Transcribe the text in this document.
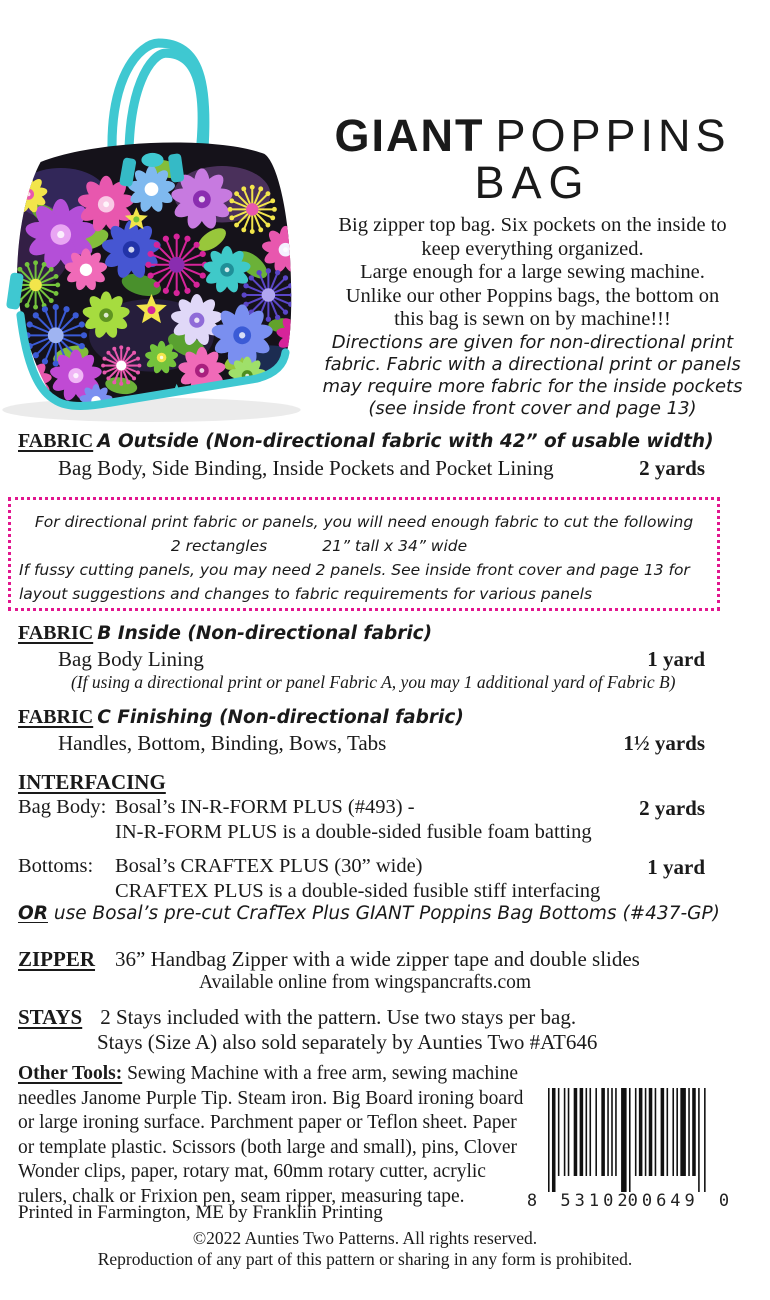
GIANT  POPPINS
BAG
Big zipper top bag. Six pockets on the inside to
keep everything organized.
Large enough for a large sewing machine.
Unlike our other Poppins bags, the bottom on
this bag is sewn on by machine!!!
Directions are given for non-directional print
fabric. Fabric with a directional print or panels
may require more fabric for the inside pockets
(see inside front cover and page 13)
FABRIC A Outside (Non-directional fabric with 42” of usable width)
Bag Body, Side Binding, Inside Pockets and Pocket Lining	2 yards
For directional print fabric or panels, you will need enough fabric to cut the following
2 rectangles	21” tall x 34” wide
If fussy cutting panels, you may need 2 panels. See inside front cover and page 13 for
layout suggestions and changes to fabric requirements for various panels
FABRIC B Inside (Non-directional fabric)
Bag Body Lining	1 yard
(If using a directional print or panel Fabric A, you may 1 additional yard of Fabric B)
FABRIC C Finishing (Non-directional fabric)
Handles, Bottom, Binding, Bows, Tabs	1½ yards
INTERFACING
Bag Body: Bosal’s IN-R-FORM PLUS (#493) -	2 yards
IN-R-FORM PLUS is a double-sided fusible foam batting
Bottoms: Bosal’s CRAFTEX PLUS (30” wide)	1 yard
CRAFTEX PLUS is a double-sided fusible stiff interfacing
OR use Bosal’s pre-cut CrafTex Plus GIANT Poppins Bag Bottoms (#437-GP)
ZIPPER 36” Handbag Zipper with a wide zipper tape and double slides
Available online from wingspancrafts.com
STAYS 2 Stays included with the pattern. Use two stays per bag.
Stays (Size A) also sold separately by Aunties Two #AT646
Other Tools: Sewing Machine with a free arm, sewing machine needles Janome Purple Tip. Steam iron. Big Board ironing board or large ironing surface. Parchment paper or Teflon sheet. Paper or template plastic. Scissors (both large and small), pins, Clover Wonder clips, paper, rotary mat, 60mm rotary cutter, acrylic rulers, chalk or Frixion pen, seam ripper, measuring tape.	8 53102
00649 0
Printed in Farmington, ME by Franklin Printing
©2022 Aunties Two Patterns. All rights reserved.
Reproduction of any part of this pattern or sharing in any form is prohibited.
